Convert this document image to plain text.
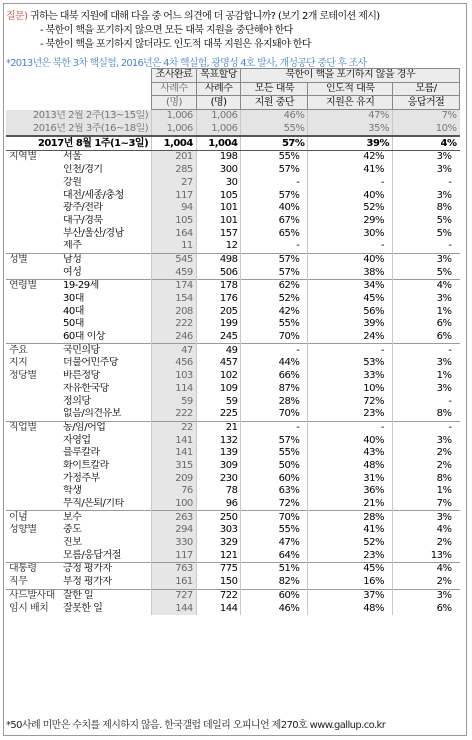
질문) 귀하는 대북 지원에 대해 다음 중 어느 의견에 더 공감합니까? (보기 2개 로테이션 제시)
- 북한이 핵을 포기하지 않으면 모든 대북 지원을 중단해야 한다
- 북한이 핵을 포기하지 않더라도 인도적 대북 지원은 유지돼야 한다
*2013년은 북한 3차 핵실험, 2016년은 4차 핵실험, 광명성 4호 발사, 개성공단 중단 후 조사
		조사완료	목표할당	북한이 핵을 포기하지 않을 경우		
		사례수	사례수	모든 대북	인도적 대북	모름/
		(명)	(명)	지원 중단	지원은 유지	응답거절
2013년 2월 2주(13~15일)		1,006	1,006	46%	47%	7%
2016년 2월 3주(16~18일)		1,006	1,006	55%	35%	10%
2017년 8월 1주(1~3일)		1,004	1,004	57%	39%	4%
지역별	서울	201	198	55%	42%	3%
	인천/경기	285	300	57%	41%	3%
	강원	27	30	-	-	-
	대전/세종/충청	117	105	57%	40%	3%
	광주/전라	94	101	40%	52%	8%
	대구/경북	105	101	67%	29%	5%
	부산/울산/경남	164	157	65%	30%	5%
	제주	11	12	-	-	-
성별	남성	545	498	57%	40%	3%
	여성	459	506	57%	38%	5%
연령별	19-29세	174	178	62%	34%	4%
	30대	154	176	52%	45%	3%
	40대	208	205	42%	56%	1%
	50대	222	199	55%	39%	6%
	60대 이상	246	245	70%	24%	6%
주요	국민의당	47	49	-	-	-
지지	더불어민주당	456	457	44%	53%	3%
정당별	바른정당	103	102	66%	33%	1%
	자유한국당	114	109	87%	10%	3%
	정의당	59	59	28%	72%	-
	없음/의견유보	222	225	70%	23%	8%
직업별	농/임/어업	22	21	-	-	-
	자영업	141	132	57%	40%	3%
	블루칼라	141	139	55%	43%	2%
	화이트칼라	315	309	50%	48%	2%
	가정주부	209	230	60%	31%	8%
	학생	76	78	63%	36%	1%
	무직/은퇴/기타	100	96	72%	21%	7%
이념	보수	263	250	70%	28%	3%
성향별	중도	294	303	55%	41%	4%
	진보	330	329	47%	52%	2%
	모름/응답거절	117	121	64%	23%	13%
대통령	긍정 평가자	763	775	51%	45%	4%
직무	부정 평가자	161	150	82%	16%	2%
사드발사대	잘한 일	727	722	60%	37%	3%
임시 배치	잘못한 일	144	144	46%	48%	6%
*50사례 미만은 수치를 제시하지 않음. 한국갤럽 데일리 오피니언 제270호 www.gallup.co.kr
